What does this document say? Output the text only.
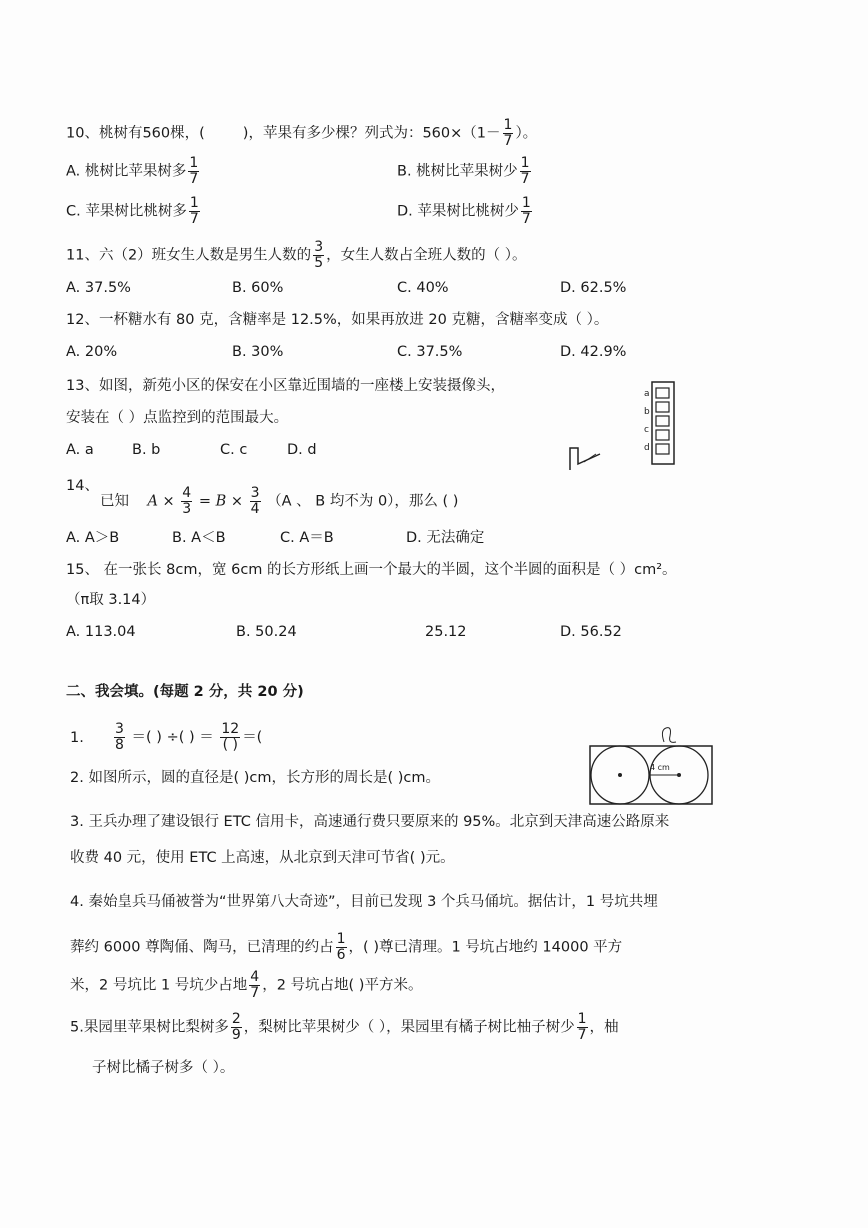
10、桃树有560棵，(	)，苹果有多少棵？列式为：$560\times(1- \frac{1}{7}$ ）。
A. 桃树比苹果树多 $\frac{1}{7}$	B. 桃树比苹果树少 $\frac{1}{7}$
C. 苹果树比桃树多 $\frac{1}{7}$	D. 苹果树比桃树少 $\frac{1}{7}$
11、六（2）班女生人数是男生人数的 $\frac{3}{5}$ ，女生人数占全班人数的（ ）。
A. 37.5%	B. 60%	C. 40%	D. 62.5%
12、一杯糖水有 80 克，含糖率是 12.5%，如果再放进 20 克糖，含糖率变成（ ）。
A. 20%	B. 30%	C. 37.5%	D. 42.9%
13、如图，新苑小区的保安在小区靠近围墙的一座楼上安装摄像头，
安装在（ ）点监控到的范围最大。
A. a	B. b	C. c	D. d
a
b
c
d
14、
已知 $A \times \frac{4}{3} = B \times \frac{3}{4} (A$ 、 B 均不为 0），那么 ( )
A. A＞B	B. A＜B	C. A＝B	D. 无法确定
15、 在一张长 8cm，宽 6cm 的长方形纸上画一个最大的半圆，这个半圆的面积是（ ）cm²。
（π取 3.14）
A. 113.04	B. 50.24	25.12	D. 56.52
二、我会填。(每题 2 分，共 20 分)
1. $\frac{3}{8}$ ＝( ) ÷( ) ＝ $\frac{12}{( )}$ ＝(
2. 如图所示，圆的直径是( )cm，长方形的周长是( )cm。
4 cm
3. 王兵办理了建设银行 ETC 信用卡，高速通行费只要原来的 95%。北京到天津高速公路原来
收费 40 元，使用 ETC 上高速，从北京到天津可节省( )元。
4. 秦始皇兵马俑被誉为“世界第八大奇迹”，目前已发现 3 个兵马俑坑。据估计，1 号坑共埋
葬约 6000 尊陶俑、陶马，已清理的约占 $\frac{1}{6}$ ，( )尊已清理。1 号坑占地约 14000 平方
米，2 号坑比 1 号坑少占地 $\frac{4}{7}$ ，2 号坑占地( )平方米。
5.果园里苹果树比梨树多 $\frac{2}{9}$ ，梨树比苹果树少（ ），果园里有橘子树比柚子树少 $\frac{1}{7}$ ，柚
子树比橘子树多（ ）。
